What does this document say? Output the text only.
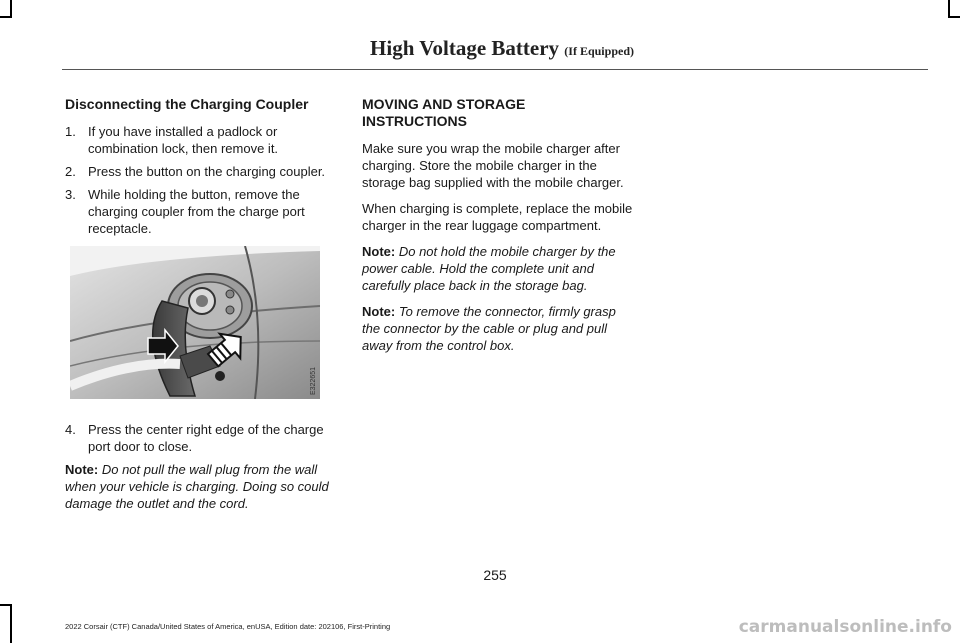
High Voltage Battery (If Equipped)
Disconnecting the Charging Coupler
1. If you have installed a padlock or combination lock, then remove it.
2. Press the button on the charging coupler.
3. While holding the button, remove the charging coupler from the charge port receptacle.
E322651
4. Press the center right edge of the charge port door to close.

Note: Do not pull the wall plug from the wall when your vehicle is charging. Doing so could damage the outlet and the cord.

MOVING AND STORAGE INSTRUCTIONS

Make sure you wrap the mobile charger after charging. Store the mobile charger in the storage bag supplied with the mobile charger.

When charging is complete, replace the mobile charger in the rear luggage compartment.

Note: Do not hold the mobile charger by the power cable. Hold the complete unit and carefully place back in the storage bag.

Note: To remove the connector, firmly grasp the connector by the cable or plug and pull away from the control box.

255
2022 Corsair (CTF) Canada/United States of America, enUSA, Edition date: 202106, First-Printing	carmanualsonline.info
